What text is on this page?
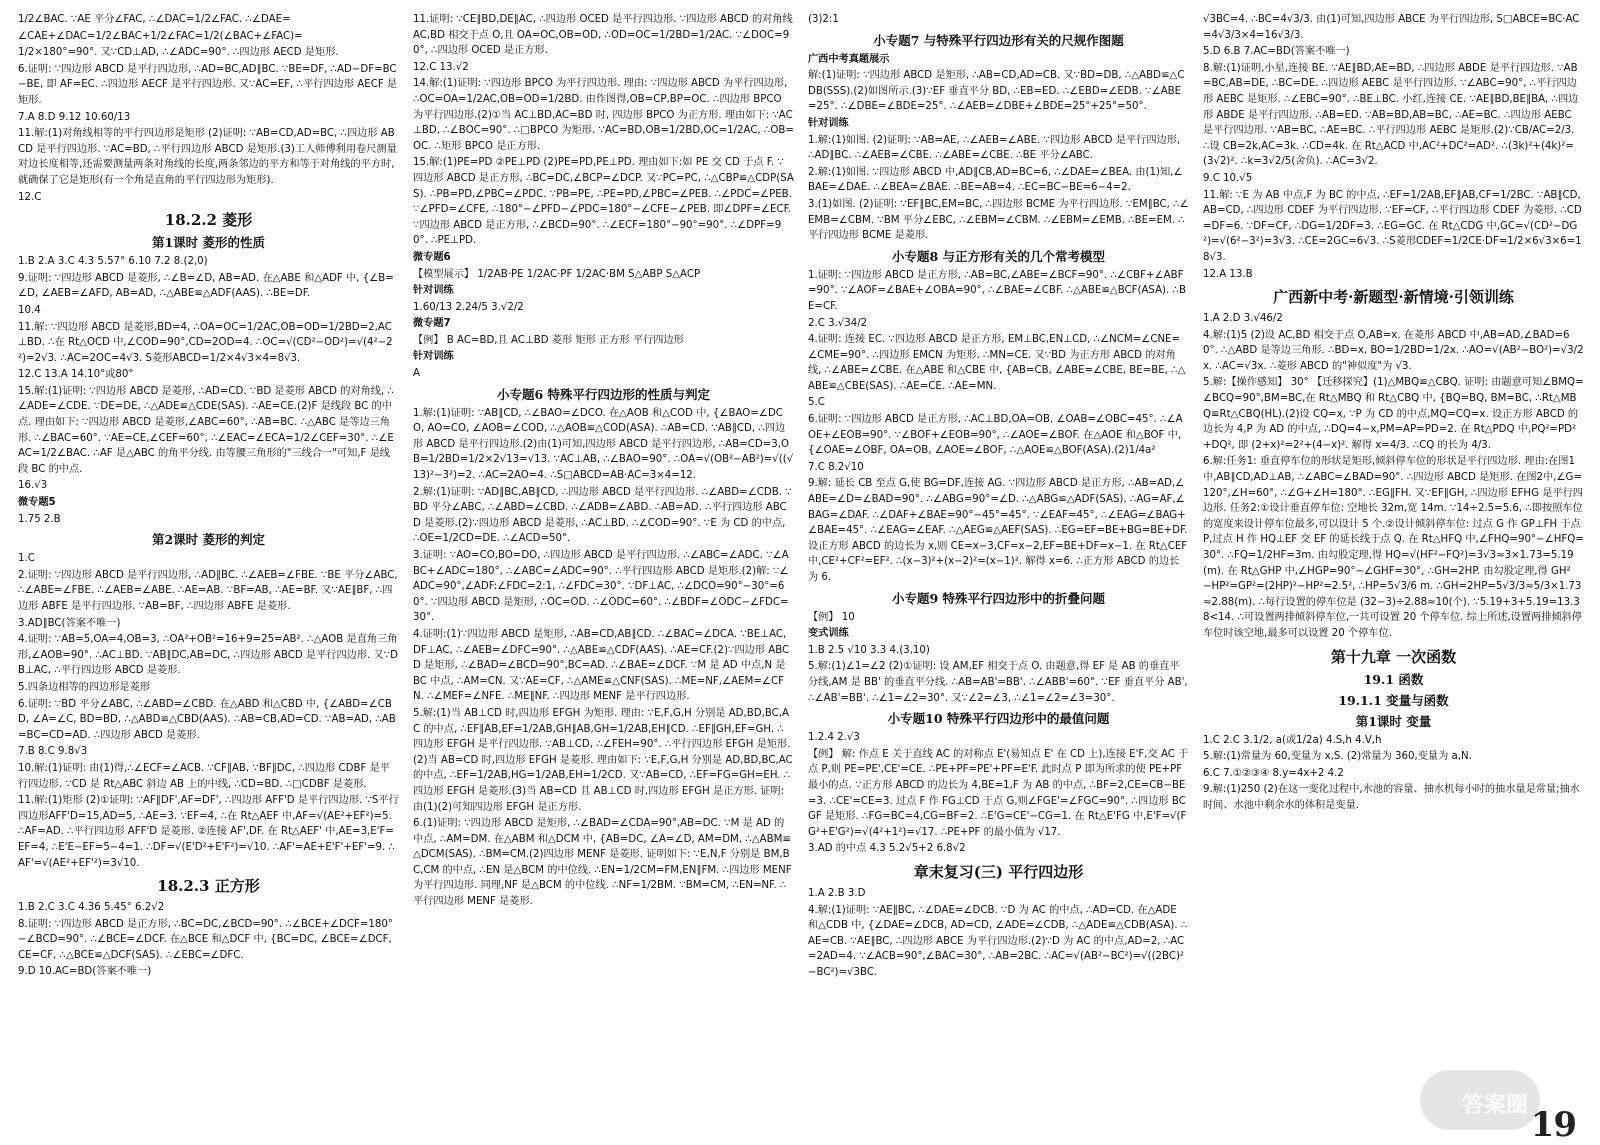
1/2∠BAC. ∵AE 平分∠FAC, ∴∠DAC=1/2∠FAC. ∴∠DAE=

∠CAE+∠DAC=1/2∠BAC+1/2∠FAC=1/2(∠BAC+∠FAC)=

1/2×180°=90°. 又∵CD⊥AD, ∴∠ADC=90°. ∴四边形 AECD 是矩形.

6.证明: ∵四边形 ABCD 是平行四边形, ∴AD=BC,AD∥BC. ∵BE=DF, ∴AD−DF=BC−BE, 即 AF=EC. ∴四边形 AECF 是平行四边形. 又∵AC=EF, ∴平行四边形 AECF 是矩形.

7.A 8.D 9.12 10.60/13

11.解:(1)对角线相等的平行四边形是矩形 (2)证明: ∵AB=CD,AD=BC, ∴四边形 ABCD 是平行四边形. ∵AC=BD, ∴平行四边形 ABCD 是矩形.(3)工人师傅利用卷尺测量对边长度相等,还需要测量两条对角线的长度,两条邻边的平方和等于对角线的平方时,就确保了它是矩形(有一个角是直角的平行四边形为矩形).

12.C

18.2.2 菱形
第1课时 菱形的性质

1.B 2.A 3.C 4.3 5.57° 6.10 7.2 8.(2,0)

9.证明: ∵四边形 ABCD 是菱形, ∴∠B=∠D, AB=AD. 在△ABE 和△ADF 中, {∠B=∠D, ∠AEB=∠AFD, AB=AD, ∴△ABE≌△ADF(AAS). ∴BE=DF.

10.4

11.解: ∵四边形 ABCD 是菱形,BD=4, ∴OA=OC=1/2AC,OB=OD=1/2BD=2,AC⊥BD. ∴在 Rt△OCD 中,∠COD=90°,CD=2OD=4. ∴OC=√(CD²−OD²)=√(4²−2²)=2√3. ∴AC=2OC=4√3. S菱形ABCD=1/2×4√3×4=8√3.

12.C 13.A 14.10°或80°

15.解:(1)证明: ∵四边形 ABCD 是菱形, ∴AD=CD. ∵BD 是菱形 ABCD 的对角线, ∴∠ADE=∠CDE. ∵DE=DE, ∴△ADE≌△CDE(SAS). ∴AE=CE.(2)F 是线段 BC 的中点. 理由如下: ∵四边形 ABCD 是菱形,∠ABC=60°, ∴AB=BC. ∴△ABC 是等边三角形. ∴∠BAC=60°. ∵AE=CE,∠CEF=60°, ∴∠EAC=∠ECA=1/2∠CEF=30°. ∴∠EAC=1/2∠BAC. ∴AF 是△ABC 的角平分线. 由等腰三角形的"三线合一"可知,F 是线段 BC 的中点.

16.√3

微专题5

1.75 2.B

第2课时 菱形的判定

1.C

2.证明: ∵四边形 ABCD 是平行四边形, ∴AD∥BC. ∴∠AEB=∠FBE. ∵BE 平分∠ABC, ∴∠ABE=∠FBE. ∴∠AEB=∠ABE. ∴AE=AB. ∵BF=AB, ∴AE=BF. 又∵AE∥BF, ∴四边形 ABFE 是平行四边形. ∵AB=BF, ∴四边形 ABFE 是菱形.

3.AD∥BC(答案不唯一)

4.证明: ∵AB=5,OA=4,OB=3, ∴OA²+OB²=16+9=25=AB². ∴△AOB 是直角三角形,∠AOB=90°. ∴AC⊥BD. ∵AB∥DC,AB=DC, ∴四边形 ABCD 是平行四边形. 又∵DB⊥AC, ∴平行四边形 ABCD 是菱形.

5.四条边相等的四边形是菱形

6.证明: ∵BD 平分∠ABC, ∴∠ABD=∠CBD. 在△ABD 和△CBD 中, {∠ABD=∠CBD, ∠A=∠C, BD=BD, ∴△ABD≌△CBD(AAS). ∴AB=CB,AD=CD. ∵AB=AD, ∴AB=BC=CD=AD. ∴四边形 ABCD 是菱形.

7.B 8.C 9.8√3

10.解:(1)证明: 由(1)得,∴∠ECF=∠ACB. ∵CF∥AB, ∵BF∥DC, ∴四边形 CDBF 是平行四边形. ∵CD 是 Rt△ABC 斜边 AB 上的中线, ∴CD=BD. ∴□CDBF 是菱形.

11.解:(1)矩形 (2)①证明: ∵AF∥DF',AF=DF', ∴四边形 AFF'D 是平行四边形. ∵S平行四边形AFF'D=15,AD=5, ∴AE=3. ∵EF=4, ∴在 Rt△AEF 中,AF=√(AE²+EF²)=5. ∴AF=AD. ∴平行四边形 AFF'D 是菱形. ②连接 AF',DF. 在 Rt△AEF' 中,AE=3,E'F=EF=4, ∴E'E−EF=5−4=1. ∴DF=√(E'D²+E'F²)=√10. ∴AF'=AE+E'F'+EF'=9. ∴AF'=√(AE²+EF'²)=3√10.

18.2.3 正方形

1.B 2.C 3.C 4.36 5.45° 6.2√2

8.证明: ∵四边形 ABCD 是正方形, ∴BC=DC,∠BCD=90°. ∴∠BCE+∠DCF=180°−∠BCD=90°. ∴∠BCE=∠DCF. 在△BCE 和△DCF 中, {BC=DC, ∠BCE=∠DCF, CE=CF, ∴△BCE≌△DCF(SAS). ∴∠EBC=∠DFC.

9.D 10.AC=BD(答案不唯一)

11.证明: ∵CE∥BD,DE∥AC, ∴四边形 OCED 是平行四边形. ∵四边形 ABCD 的对角线 AC,BD 相交于点 O,且 OA=OC,OB=OD, ∴OD=OC=1/2BD=1/2AC. ∵∠DOC=90°, ∴四边形 OCED 是正方形.

12.C 13.√2

14.解:(1)证明: ∵四边形 BPCO 为平行四边形. 理由: ∵四边形 ABCD 为平行四边形, ∴OC=OA=1/2AC,OB=OD=1/2BD. 由作图得,OB=CP,BP=OC. ∴四边形 BPCO 为平行四边形.(2)①当 AC⊥BD,AC=BD 时, 四边形 BPCO 为正方形. 理由如下: ∵AC⊥BD, ∴∠BOC=90°. ∴□BPCO 为矩形. ∵AC=BD,OB=1/2BD,OC=1/2AC, ∴OB=OC. ∴矩形 BPCO 是正方形.

15.解:(1)PE=PD ②PE⊥PD (2)PE=PD,PE⊥PD. 理由如下:如 PE 交 CD 于点 F. ∵四边形 ABCD 是正方形, ∴BC=DC,∠BCP=∠DCP. 又∵PC=PC, ∴△CBP≌△CDP(SAS). ∴PB=PD,∠PBC=∠PDC. ∵PB=PE, ∴PE=PD,∠PBC=∠PEB. ∴∠PDC=∠PEB. ∵∠PFD=∠CFE, ∴180°−∠PFD−∠PDC=180°−∠CFE−∠PEB. 即∠DPF=∠ECF. ∵四边形 ABCD 是正方形, ∴∠BCD=90°. ∴∠ECF=180°−90°=90°. ∴∠DPF=90°. ∴PE⊥PD.

微专题6

【模型展示】 1/2AB·PE 1/2AC·PF 1/2AC·BM S△ABP S△ACP

针对训练

1.60/13 2.24/5 3.√2/2

微专题7

【例】 B AC=BD,且 AC⊥BD 菱形 矩形 正方形 平行四边形

针对训练

A

小专题6 特殊平行四边形的性质与判定

1.解:(1)证明: ∵AB∥CD, ∴∠BAO=∠DCO. 在△AOB 和△COD 中, {∠BAO=∠DCO, AO=CO, ∠AOB=∠COD, ∴△AOB≌△COD(ASA). ∴AB=CD. ∵AB∥CD, ∴四边形 ABCD 是平行四边形.(2)由(1)可知,四边形 ABCD 是平行四边形, ∴AB=CD=3,OB=1/2BD=1/2×2√13=√13. ∵AC⊥AB, ∴∠BAO=90°. ∴OA=√(OB²−AB²)=√((√13)²−3²)=2. ∴AC=2AO=4. ∴S□ABCD=AB·AC=3×4=12.

2.解:(1)证明: ∵AD∥BC,AB∥CD, ∴四边形 ABCD 是平行四边形. ∴∠ABD=∠CDB. ∵BD 平分∠ABC, ∴∠ABD=∠CBD. ∴∠ADB=∠ABD. ∴AB=AD. ∴平行四边形 ABCD 是菱形.(2)∵四边形 ABCD 是菱形, ∴AC⊥BD. ∴∠COD=90°. ∵E 为 CD 的中点, ∴OE=1/2CD=DE. ∴∠ACD=50°.

3.证明: ∵AO=CO,BO=DO, ∴四边形 ABCD 是平行四边形. ∴∠ABC=∠ADC. ∵∠ABC+∠ADC=180°, ∴∠ABC=∠ADC=90°. ∴平行四边形 ABCD 是矩形.(2)解: ∵∠ADC=90°,∠ADF:∠FDC=2:1, ∴∠FDC=30°. ∵DF⊥AC, ∴∠DCO=90°−30°=60°. ∵四边形 ABCD 是矩形, ∴OC=OD. ∴∠ODC=60°. ∴∠BDF=∠ODC−∠FDC=30°.

4.证明:(1)∵四边形 ABCD 是矩形, ∴AB=CD,AB∥CD. ∴∠BAC=∠DCA. ∵BE⊥AC,DF⊥AC, ∴∠AEB=∠DFC=90°. ∴△ABE≌△CDF(AAS). ∴AE=CF.(2)∵四边形 ABCD 是矩形, ∴∠BAD=∠BCD=90°,BC=AD. ∴∠BAE=∠DCF. ∵M 是 AD 中点,N 是 BC 中点, ∴AM=CN. 又∵AE=CF, ∴△AME≌△CNF(SAS). ∴ME=NF,∠AEM=∠CFN. ∴∠MEF=∠NFE. ∴ME∥NF. ∴四边形 MENF 是平行四边形.

5.解:(1)当 AB⊥CD 时,四边形 EFGH 为矩形. 理由: ∵E,F,G,H 分别是 AD,BD,BC,AC 的中点, ∴EF∥AB,EF=1/2AB,GH∥AB,GH=1/2AB,EH∥CD. ∴EF∥GH,EF=GH. ∴四边形 EFGH 是平行四边形. ∵AB⊥CD, ∴∠FEH=90°. ∴平行四边形 EFGH 是矩形.(2)当 AB=CD 时,四边形 EFGH 是菱形. 理由如下: ∵E,F,G,H 分别是 AD,BD,BC,AC 的中点, ∴EF=1/2AB,HG=1/2AB,EH=1/2CD. 又∵AB=CD, ∴EF=FG=GH=EH. ∴四边形 EFGH 是菱形.(3)当 AB=CD 且 AB⊥CD 时,四边形 EFGH 是正方形. 证明:由(1)(2)可知四边形 EFGH 是正方形.

6.(1)证明: ∵四边形 ABCD 是矩形, ∴∠BAD=∠CDA=90°,AB=DC. ∵M 是 AD 的中点, ∴AM=DM. 在△ABM 和△DCM 中, {AB=DC, ∠A=∠D, AM=DM, ∴△ABM≌△DCM(SAS). ∴BM=CM.(2)四边形 MENF 是菱形. 证明如下: ∵E,N,F 分别是 BM,BC,CM 的中点, ∴EN 是△BCM 的中位线. ∴EN=1/2CM=FM,EN∥FM. ∴四边形 MENF 为平行四边形. 同理,NF 是△BCM 的中位线. ∴NF=1/2BM. ∵BM=CM, ∴EN=NF. ∴平行四边形 MENF 是菱形.

(3)2:1

小专题7 与特殊平行四边形有关的尺规作图题

广西中考真题展示

解:(1)证明: ∵四边形 ABCD 是矩形, ∴AB=CD,AD=CB. 又∵BD=DB, ∴△ABD≌△CDB(SSS).(2)如图所示.(3)∵EF 垂直平分 BD, ∴EB=ED. ∴∠EBD=∠EDB. ∵∠ABE=25°. ∴∠DBE=∠BDE=25°. ∴∠AEB=∠DBE+∠BDE=25°+25°=50°.

针对训练

1.解:(1)如图. (2)证明: ∵AB=AE, ∴∠AEB=∠ABE. ∵四边形 ABCD 是平行四边形, ∴AD∥BC. ∴∠AEB=∠CBE. ∴∠ABE=∠CBE. ∴BE 平分∠ABC.

2.解:(1)如图. ∵四边形 ABCD 中,AD∥CB,AD=BC=6, ∴∠DAE=∠BEA. 由(1)知,∠BAE=∠DAE. ∴∠BEA=∠BAE. ∴BE=AB=4. ∴EC=BC−BE=6−4=2.

3.(1)如图. (2)证明: ∵EF∥BC,EM=BC, ∴四边形 BCME 为平行四边形. ∵EM∥BC, ∴∠EMB=∠CBM. ∵BM 平分∠EBC, ∴∠EBM=∠CBM. ∴∠EBM=∠EMB. ∴BE=EM. ∴平行四边形 BCME 是菱形.

小专题8 与正方形有关的几个常考模型

1.证明: ∵四边形 ABCD 是正方形, ∴AB=BC,∠ABE=∠BCF=90°. ∴∠CBF+∠ABF=90°. ∵∠AOF=∠BAE+∠OBA=90°, ∴∠BAE=∠CBF. ∴△ABE≌△BCF(ASA). ∴BE=CF.

2.C 3.√34/2

4.证明: 连接 EC. ∵四边形 ABCD 是正方形, EM⊥BC,EN⊥CD, ∴∠NCM=∠CNE=∠CME=90°. ∴四边形 EMCN 为矩形. ∴MN=CE. 又∵BD 为正方形 ABCD 的对角线, ∴∠ABE=∠CBE. 在△ABE 和△CBE 中, {AB=CB, ∠ABE=∠CBE, BE=BE, ∴△ABE≌△CBE(SAS). ∴AE=CE. ∴AE=MN.

5.C

6.证明: ∵四边形 ABCD 是正方形, ∴AC⊥BD,OA=OB, ∠OAB=∠OBC=45°. ∴∠AOE+∠EOB=90°. ∵∠BOF+∠EOB=90°, ∴∠AOE=∠BOF. 在△AOE 和△BOF 中, {∠OAE=∠OBF, OA=OB, ∠AOE=∠BOF, ∴△AOE≌△BOF(ASA).(2)1/4a²

7.C 8.2√10

9.解: 延长 CB 至点 G,使 BG=DF,连接 AG. ∵四边形 ABCD 是正方形, ∴AB=AD,∠ABE=∠D=∠BAD=90°. ∴∠ABG=90°=∠D. ∴△ABG≌△ADF(SAS). ∴AG=AF,∠BAG=∠DAF. ∴∠DAF+∠BAE=90°−45°=45°. ∵∠EAF=45°, ∴∠EAG=∠BAG+∠BAE=45°. ∴∠EAG=∠EAF. ∴△AEG≌△AEF(SAS). ∴EG=EF=BE+BG=BE+DF. 设正方形 ABCD 的边长为 x,则 CE=x−3,CF=x−2,EF=BE+DF=x−1. 在 Rt△CEF 中,CE²+CF²=EF². ∴(x−3)²+(x−2)²=(x−1)². 解得 x=6. ∴正方形 ABCD 的边长为 6.

小专题9 特殊平行四边形中的折叠问题

【例】 10

变式训练

1.B 2.5 √10 3.3 4.(3,10)

5.解:(1)∠1=∠2 (2)①证明: 设 AM,EF 相交于点 O. 由题意,得 EF 是 AB 的垂直平分线,AM 是 BB' 的垂直平分线. ∴AB=AB'=BB'. ∴∠ABB'=60°. ∵EF 垂直平分 AB', ∴∠AB'=BB'. ∴∠1=∠2=30°. 又∵∠2=∠3, ∴∠1=∠2=∠3=30°.

小专题10 特殊平行四边形中的最值问题

1.2.4 2.√3

【例】 解: 作点 E 关于直线 AC 的对称点 E'(易知点 E' 在 CD 上),连接 E'F,交 AC 于点 P,则 PE=PE',CE'=CE. ∴PE+PF=PE'+PF=E'F. 此时点 P 即为所求的使 PE+PF 最小的点. ∵正方形 ABCD 的边长为 4,BE=1,F 为 AB 的中点, ∴BF=2,CE=CB−BE=3. ∴CE'=CE=3. 过点 F 作 FG⊥CD 于点 G,则∠FGE'=∠FGC=90°. ∴四边形 BCGF 是矩形. ∴FG=BC=4,CG=BF=2. ∴E'G=CE'−CG=1. 在 Rt△E'FG 中,E'F=√(FG²+E'G²)=√(4²+1²)=√17. ∴PE+PF 的最小值为 √17.

3.AD 的中点 4.3 5.2√5+2 6.8√2

章末复习(三) 平行四边形

1.A 2.B 3.D

4.解:(1)证明: ∵AE∥BC, ∴∠DAE=∠DCB. ∵D 为 AC 的中点, ∴AD=CD. 在△ADE 和△CDB 中, {∠DAE=∠DCB, AD=CD, ∠ADE=∠CDB, ∴△ADE≌△CDB(ASA). ∴AE=CB. ∵AE∥BC, ∴四边形 ABCE 为平行四边形.(2)∵D 为 AC 的中点,AD=2, ∴AC=2AD=4. ∵∠ACB=90°,∠BAC=30°, ∴AB=2BC. ∴AC=√(AB²−BC²)=√((2BC)²−BC²)=√3BC.

√3BC=4. ∴BC=4√3/3. 由(1)可知,四边形 ABCE 为平行四边形, S□ABCE=BC·AC=4√3/3×4=16√3/3.

5.D 6.B 7.AC=BD(答案不唯一)

8.解:(1)证明,小星,连接 BE. ∵AE∥BD,AE=BD, ∴四边形 ABDE 是平行四边形. ∵AB=BC,AB=DE, ∴BC=DE. ∴四边形 AEBC 是平行四边形. ∵∠ABC=90°, ∴平行四边形 AEBC 是矩形. ∴∠EBC=90°. ∴BE⊥BC. 小红,连接 CE. ∵AE∥BD,BE∥BA, ∴四边形 ABDE 是平行四边形. ∴AB=ED. ∵AB=BD,AB=BC, ∴AE=BC. ∴四边形 AEBC 是平行四边形. ∵AB=BC, ∴AE=BC. ∴平行四边形 AEBC 是矩形.(2)∵CB/AC=2/3. ∴设 CB=2k,AC=3k. ∴CD=4k. 在 Rt△ACD 中,AC²+DC²=AD². ∴(3k)²+(4k)²=(3√2)². ∴k=3√2/5(舍负). ∴AC=3√2.

9.C 10.√5

11.解: ∵E 为 AB 中点,F 为 BC 的中点, ∴EF=1/2AB,EF∥AB,CF=1/2BC. ∵AB∥CD,AB=CD, ∴四边形 CDEF 为平行四边形. ∵EF=CF, ∴平行四边形 CDEF 为菱形. ∴CD=DF=6. ∵DF=CF, ∴DG=1/2DF=3. ∴EG=GC. 在 Rt△CDG 中,GC=√(CD²−DG²)=√(6²−3²)=3√3. ∴CE=2GC=6√3. ∴S菱形CDEF=1/2CE·DF=1/2×6√3×6=18√3.

12.A 13.B

广西新中考·新题型·新情境·引领训练

1.A 2.D 3.√46/2

4.解:(1)5 (2)设 AC,BD 相交于点 O,AB=x. 在菱形 ABCD 中,AB=AD,∠BAD=60°. ∴△ABD 是等边三角形. ∴BD=x, BO=1/2BD=1/2x. ∴AO=√(AB²−BO²)=√3/2x. ∴AC=√3x. ∴菱形 ABCD 的"神似度"为 √3.

5.解:【操作感知】 30° 【迁移探究】(1)△MBQ≌△CBQ. 证明: 由题意可知∠BMQ=∠BCQ=90°,BM=BC,在 Rt△MBQ 和 Rt△CBQ 中, {BQ=BQ, BM=BC, ∴Rt△MBQ≌Rt△CBQ(HL).(2)设 CQ=x, ∵P 为 CD 的中点,MQ=CQ=x. 设正方形 ABCD 的边长为 4,P 为 AD 的中点, ∴DQ=4−x,PM=AP=PD=2. 在 Rt△PDQ 中,PQ²=PD²+DQ², 即 (2+x)²=2²+(4−x)². 解得 x=4/3. ∴CQ 的长为 4/3.

6.解:任务1: 垂直停车位的形状是矩形,倾斜停车位的形状是平行四边形. 理由:在图1中,AB∥CD,AD⊥AB, ∴∠ABC=∠BAD=90°. ∴四边形 ABCD 是矩形. 在图2中,∠G=120°,∠H=60°, ∴∠G+∠H=180°. ∴EG∥FH. 又∵EF∥GH, ∴四边形 EFHG 是平行四边形. 任务2:①设计垂直停车位: 空地长 32m,宽 14m. ∵14÷2.5=5.6, ∴即按照车位的宽度来设计停车位最多,可以设计 5 个.②设计倾斜停车位: 过点 G 作 GP⊥FH 于点 P,过点 H 作 HQ⊥EF 交 EF 的延长线于点 Q. 在 Rt△HFQ 中,∠FHQ=90°−∠HFQ=30°. ∴FQ=1/2HF=3m. 由勾股定理,得 HQ=√(HF²−FQ²)=3√3≈3×1.73=5.19(m). 在 Rt△GHP 中,∠HGP=90°−∠GHF=30°, ∴GH=2HP. 由勾股定理,得 GH²−HP²=GP²=(2HP)²−HP²=2.5², ∴HP=5√3/6 m. ∴GH=2HP=5√3/3≈5/3×1.73≈2.88(m). ∴每行设置的停车位是 (32−3)÷2.88≈10(个). ∵5.19+3+5.19=13.38<14. ∴可设置两排倾斜停车位,一共可设置 20 个停车位. 综上所述,设置两排倾斜停车位时该空地,最多可以设置 20 个停车位.

第十九章 一次函数
19.1 函数
19.1.1 变量与函数
第1课时 变量

1.C 2.C 3.1/2, a(或1/2a) 4.S,h 4.V,h

5.解:(1)常量为 60,变量为 x,S. (2)常量为 360,变量为 a,N.

6.C 7.①②③④ 8.y=4x+2 4.2

9.解:(1)250 (2)在这一变化过程中,水池的容量、抽水机每小时的抽水量是常量;抽水时间、水池中剩余水的体积是变量.

答案圈 19
